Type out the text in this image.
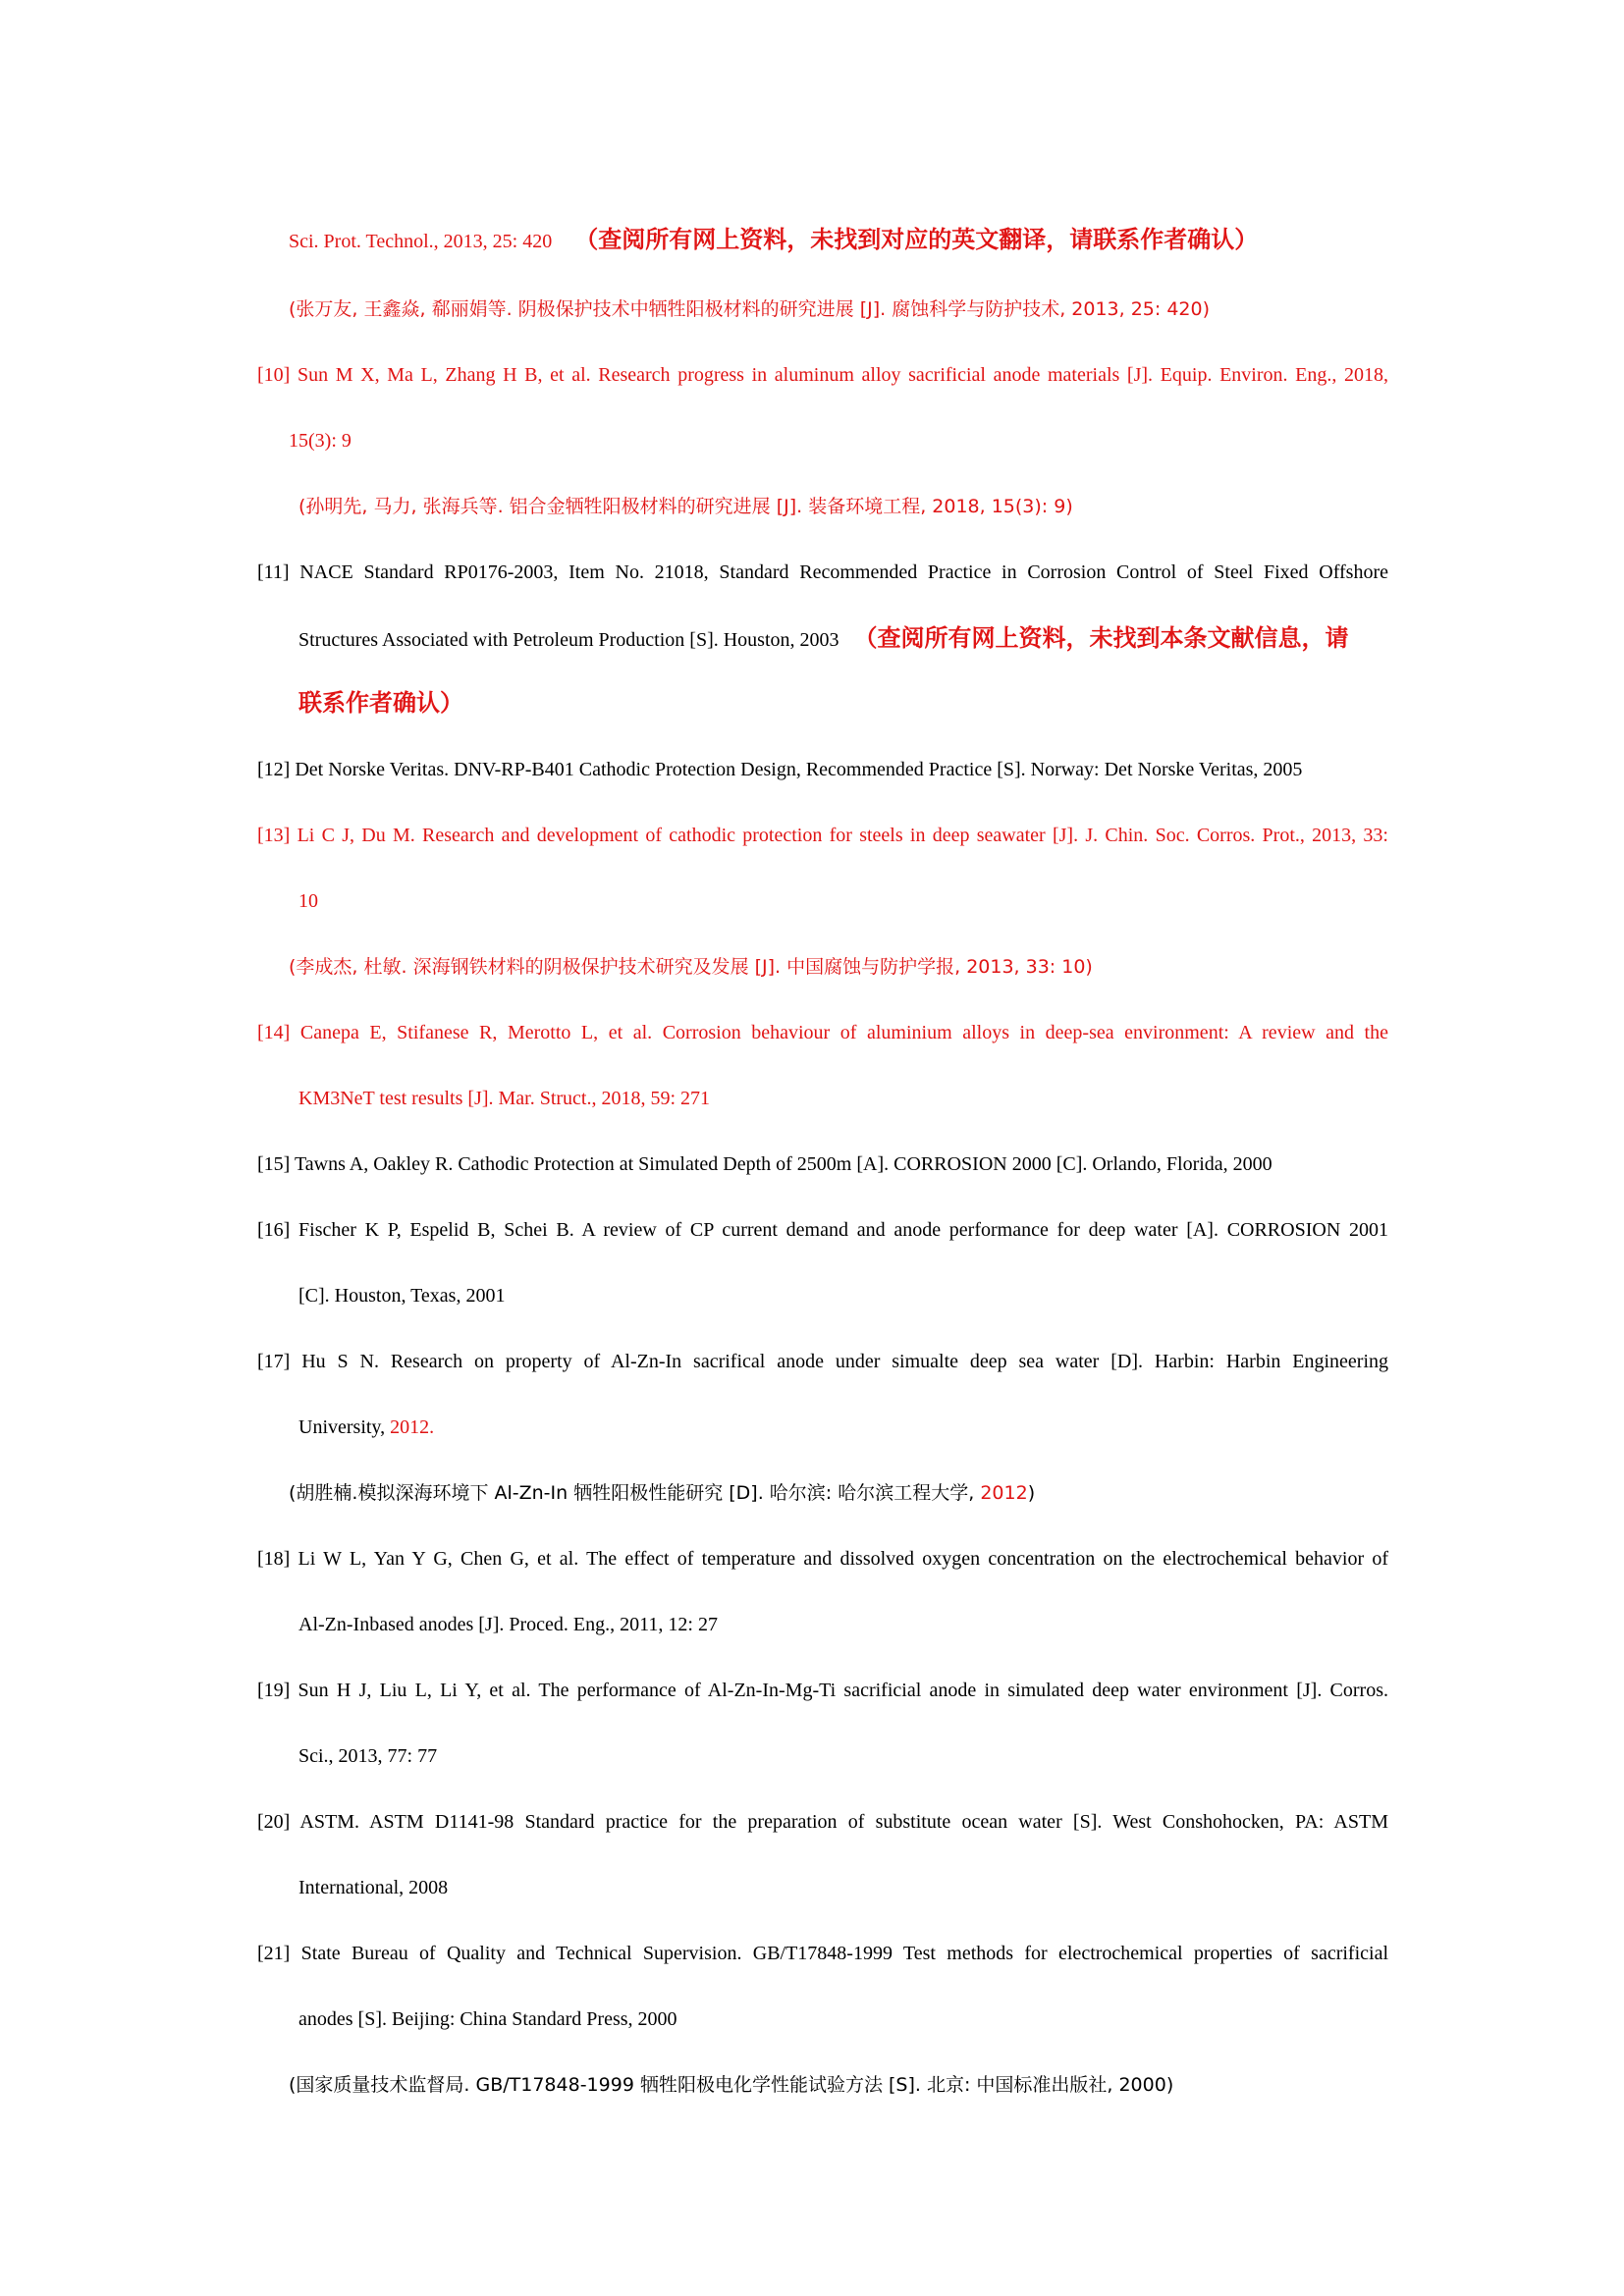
Sci. Prot. Technol., 2013, 25: 420 （查阅所有网上资料，未找到对应的英文翻译，请联系作者确认）
(张万友, 王鑫焱, 郗丽娟等. 阴极保护技术中牺牲阳极材料的研究进展 [J]. 腐蚀科学与防护技术, 2013, 25: 420)
[10] Sun M X, Ma L, Zhang H B, et al. Research progress in aluminum alloy sacrificial anode materials [J]. Equip. Environ. Eng., 2018,
15(3): 9
(孙明先, 马力, 张海兵等. 铝合金牺牲阳极材料的研究进展 [J]. 装备环境工程, 2018, 15(3): 9)
[11] NACE Standard RP0176-2003, Item No. 21018, Standard Recommended Practice in Corrosion Control of Steel Fixed Offshore
Structures Associated with Petroleum Production [S]. Houston, 2003 （查阅所有网上资料，未找到本条文献信息，请
联系作者确认）
[12] Det Norske Veritas. DNV-RP-B401 Cathodic Protection Design, Recommended Practice [S]. Norway: Det Norske Veritas, 2005
[13] Li C J, Du M. Research and development of cathodic protection for steels in deep seawater [J]. J. Chin. Soc. Corros. Prot., 2013, 33:
10
(李成杰, 杜敏. 深海钢铁材料的阴极保护技术研究及发展 [J]. 中国腐蚀与防护学报, 2013, 33: 10)
[14] Canepa E, Stifanese R, Merotto L, et al. Corrosion behaviour of aluminium alloys in deep-sea environment: A review and the
KM3NeT test results [J]. Mar. Struct., 2018, 59: 271
[15] Tawns A, Oakley R. Cathodic Protection at Simulated Depth of 2500m [A]. CORROSION 2000 [C]. Orlando, Florida, 2000
[16] Fischer K P, Espelid B, Schei B. A review of CP current demand and anode performance for deep water [A]. CORROSION 2001
[C]. Houston, Texas, 2001
[17] Hu S N. Research on property of Al-Zn-In sacrifical anode under simualte deep sea water [D]. Harbin: Harbin Engineering
University, 2012.
(胡胜楠.模拟深海环境下 Al-Zn-In 牺牲阳极性能研究 [D]. 哈尔滨: 哈尔滨工程大学, 2012)
[18] Li W L, Yan Y G, Chen G, et al. The effect of temperature and dissolved oxygen concentration on the electrochemical behavior of
Al-Zn-Inbased anodes [J]. Proced. Eng., 2011, 12: 27
[19] Sun H J, Liu L, Li Y, et al. The performance of Al-Zn-In-Mg-Ti sacrificial anode in simulated deep water environment [J]. Corros.
Sci., 2013, 77: 77
[20] ASTM. ASTM D1141-98 Standard practice for the preparation of substitute ocean water [S]. West Conshohocken, PA: ASTM
International, 2008
[21] State Bureau of Quality and Technical Supervision. GB/T17848-1999 Test methods for electrochemical properties of sacrificial
anodes [S]. Beijing: China Standard Press, 2000
(国家质量技术监督局. GB/T17848-1999 牺牲阳极电化学性能试验方法 [S]. 北京: 中国标准出版社, 2000)
